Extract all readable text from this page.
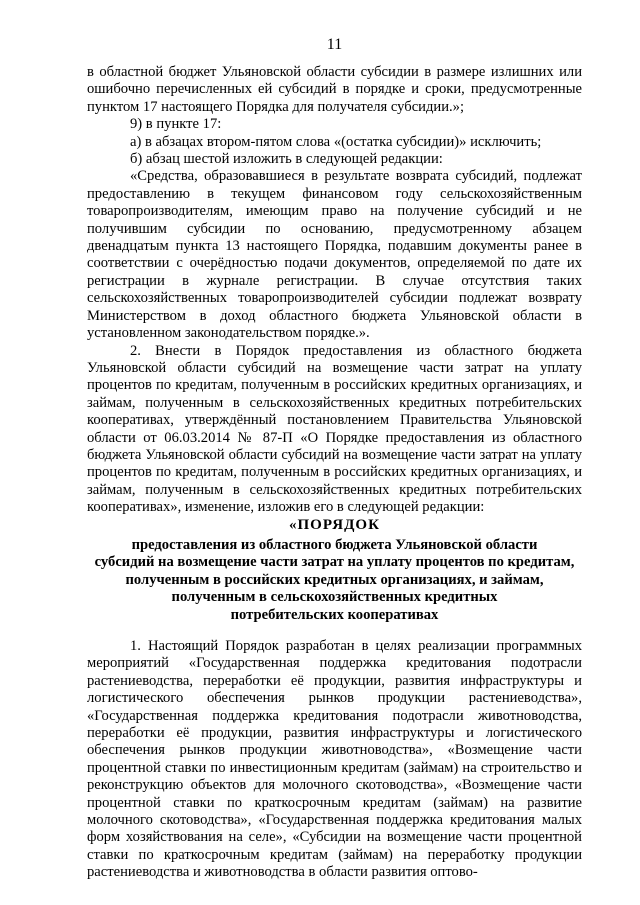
11

в областной бюджет Ульяновской области субсидии в размере излишних или ошибочно перечисленных ей субсидий в порядке и сроки, предусмотренные пунктом 17 настоящего Порядка для получателя субсидии.»;

9) в пункте 17:

а) в абзацах втором-пятом слова «(остатка субсидии)» исключить;

б) абзац шестой изложить в следующей редакции:

«Средства, образовавшиеся в результате возврата субсидий, подлежат предоставлению в текущем финансовом году сельскохозяйственным товаропроизводителям, имеющим право на получение субсидий и не получившим субсидии по основанию, предусмотренному абзацем двенадцатым пункта 13 настоящего Порядка, подавшим документы ранее в соответствии с очерёдностью подачи документов, определяемой по дате их регистрации в журнале регистрации. В случае отсутствия таких сельскохозяйственных товаропроизводителей субсидии подлежат возврату Министерством в доход областного бюджета Ульяновской области в установленном законодательством порядке.».

2. Внести в Порядок предоставления из областного бюджета Ульяновской области субсидий на возмещение части затрат на уплату процентов по кредитам, полученным в российских кредитных организациях, и займам, полученным в сельскохозяйственных кредитных потребительских кооперативах, утверждённый постановлением Правительства Ульяновской области от 06.03.2014 № 87-П «О Порядке предоставления из областного бюджета Ульяновской области субсидий на возмещение части затрат на уплату процентов по кредитам, полученным в российских кредитных организациях, и займам, полученным в сельскохозяйственных кредитных потребительских кооперативах», изменение, изложив его в следующей редакции:

«ПОРЯДОК
предоставления из областного бюджета Ульяновской области
субсидий на возмещение части затрат на уплату процентов по кредитам,
полученным в российских кредитных организациях, и займам,
полученным в сельскохозяйственных кредитных
потребительских кооперативах

1. Настоящий Порядок разработан в целях реализации программных мероприятий «Государственная поддержка кредитования подотрасли растениеводства, переработки её продукции, развития инфраструктуры и логистического обеспечения рынков продукции растениеводства», «Государственная поддержка кредитования подотрасли животноводства, переработки её продукции, развития инфраструктуры и логистического обеспечения рынков продукции животноводства», «Возмещение части процентной ставки по инвестиционным кредитам (займам) на строительство и реконструкцию объектов для молочного скотоводства», «Возмещение части процентной ставки по краткосрочным кредитам (займам) на развитие молочного скотоводства», «Государственная поддержка кредитования малых форм хозяйствования на селе», «Субсидии на возмещение части процентной ставки по краткосрочным кредитам (займам) на переработку продукции растениеводства и животноводства в области развития оптово-
